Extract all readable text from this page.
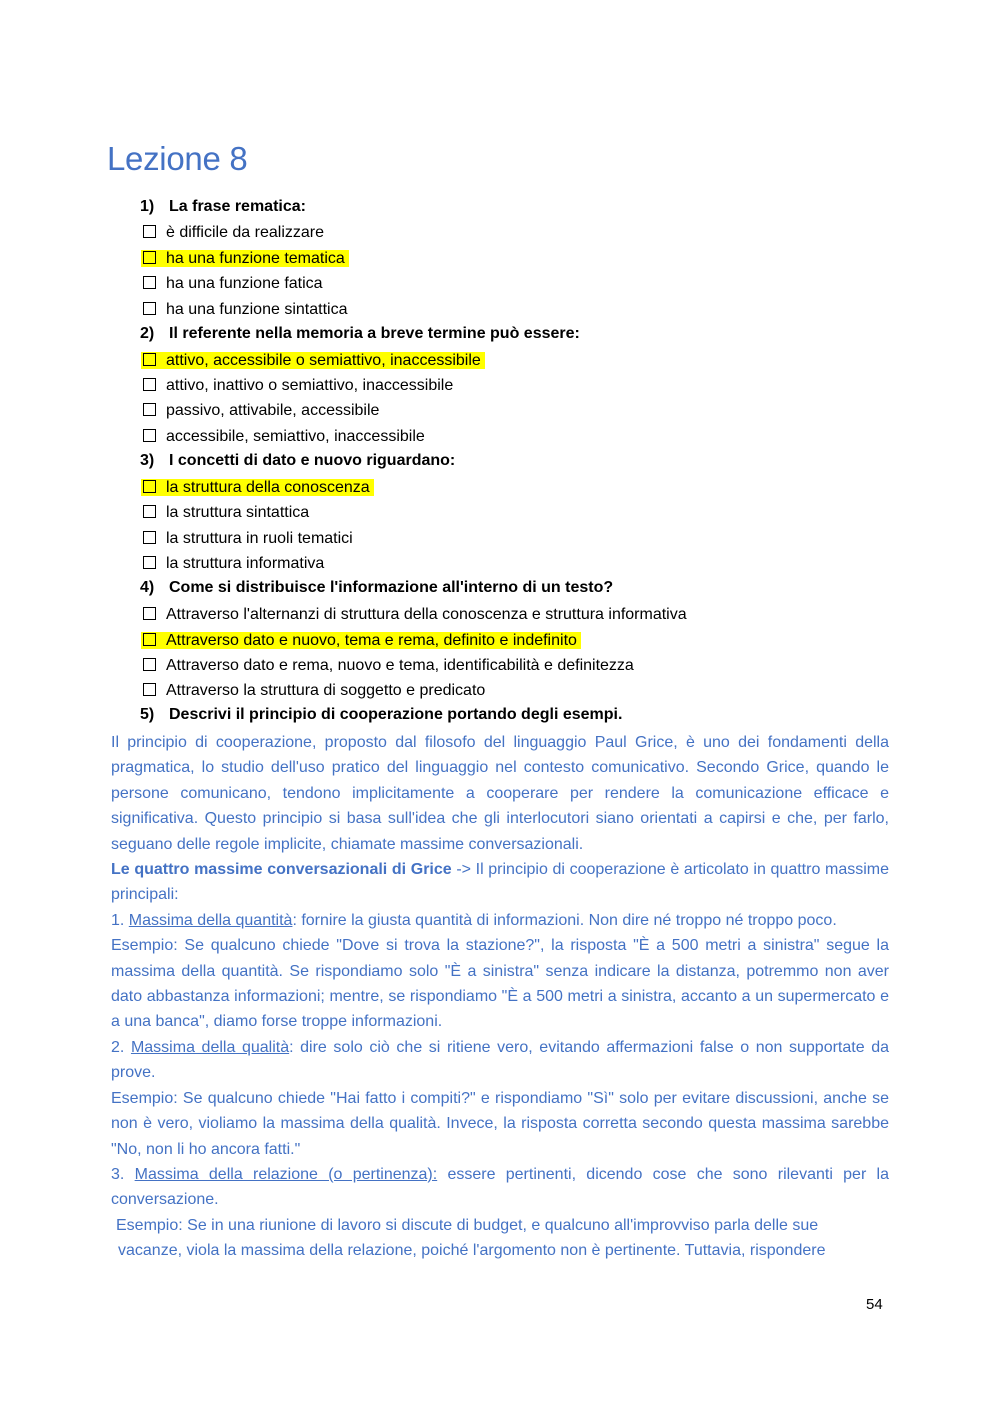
Lezione 8
1) La frase rematica:
è difficile da realizzare
ha una funzione tematica
ha una funzione fatica
ha una funzione sintattica
2) Il referente nella memoria a breve termine può essere:
attivo, accessibile o semiattivo, inaccessibile
attivo, inattivo o semiattivo, inaccessibile
passivo, attivabile, accessibile
accessibile, semiattivo, inaccessibile
3) I concetti di dato e nuovo riguardano:
la struttura della conoscenza
la struttura sintattica
la struttura in ruoli tematici
la struttura informativa
4) Come si distribuisce l'informazione all'interno di un testo?
Attraverso l'alternanzi di struttura della conoscenza e struttura informativa
Attraverso dato e nuovo, tema e rema, definito e indefinito
Attraverso dato e rema, nuovo e tema, identificabilità e definitezza
Attraverso la struttura di soggetto e predicato
5) Descrivi il principio di cooperazione portando degli esempi.

Il principio di cooperazione, proposto dal filosofo del linguaggio Paul Grice, è uno dei fondamenti della pragmatica, lo studio dell'uso pratico del linguaggio nel contesto comunicativo. Secondo Grice, quando le persone comunicano, tendono implicitamente a cooperare per rendere la comunicazione efficace e significativa. Questo principio si basa sull'idea che gli interlocutori siano orientati a capirsi e che, per farlo, seguano delle regole implicite, chiamate massime conversazionali.

Le quattro massime conversazionali di Grice -> Il principio di cooperazione è articolato in quattro massime principali:

1. Massima della quantità: fornire la giusta quantità di informazioni. Non dire né troppo né troppo poco.

Esempio: Se qualcuno chiede "Dove si trova la stazione?", la risposta "È a 500 metri a sinistra" segue la massima della quantità. Se rispondiamo solo "È a sinistra" senza indicare la distanza, potremmo non aver dato abbastanza informazioni; mentre, se rispondiamo "È a 500 metri a sinistra, accanto a un supermercato e a una banca", diamo forse troppe informazioni.

2. Massima della qualità: dire solo ciò che si ritiene vero, evitando affermazioni false o non supportate da prove.

Esempio: Se qualcuno chiede "Hai fatto i compiti?" e rispondiamo "Sì" solo per evitare discussioni, anche se non è vero, violiamo la massima della qualità. Invece, la risposta corretta secondo questa massima sarebbe "No, non li ho ancora fatti."

3. Massima della relazione (o pertinenza): essere pertinenti, dicendo cose che sono rilevanti per la conversazione.

Esempio: Se in una riunione di lavoro si discute di budget, e qualcuno all'improvviso parla delle sue

vacanze, viola la massima della relazione, poiché l'argomento non è pertinente. Tuttavia, rispondere

54
